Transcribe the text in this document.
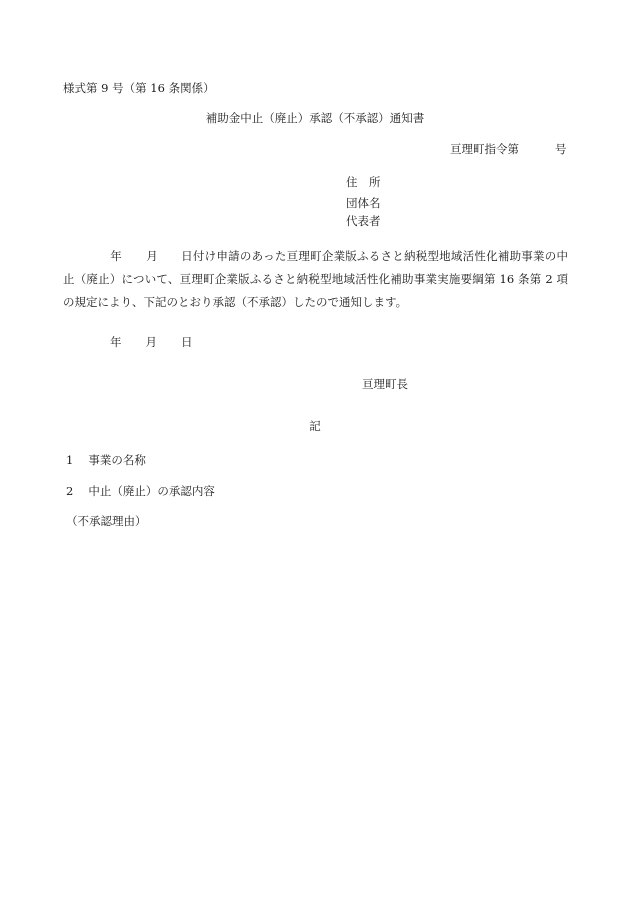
様式第 9 号（第 16 条関係）
補助金中止（廃止）承認（不承認）通知書
亘理町指令第	号
住　所
団体名
代表者
年 月 日付け申請のあった亘理町企業版ふるさと納税型地域活性化補助事業の中止（廃止）について、亘理町企業版ふるさと納税型地域活性化補助事業実施要綱第 16 条第 2 項の規定により、下記のとおり承認（不承認）したので通知します。
年 月 日
亘理町長
記
1 事業の名称
2 中止（廃止）の承認内容
（不承認理由）
